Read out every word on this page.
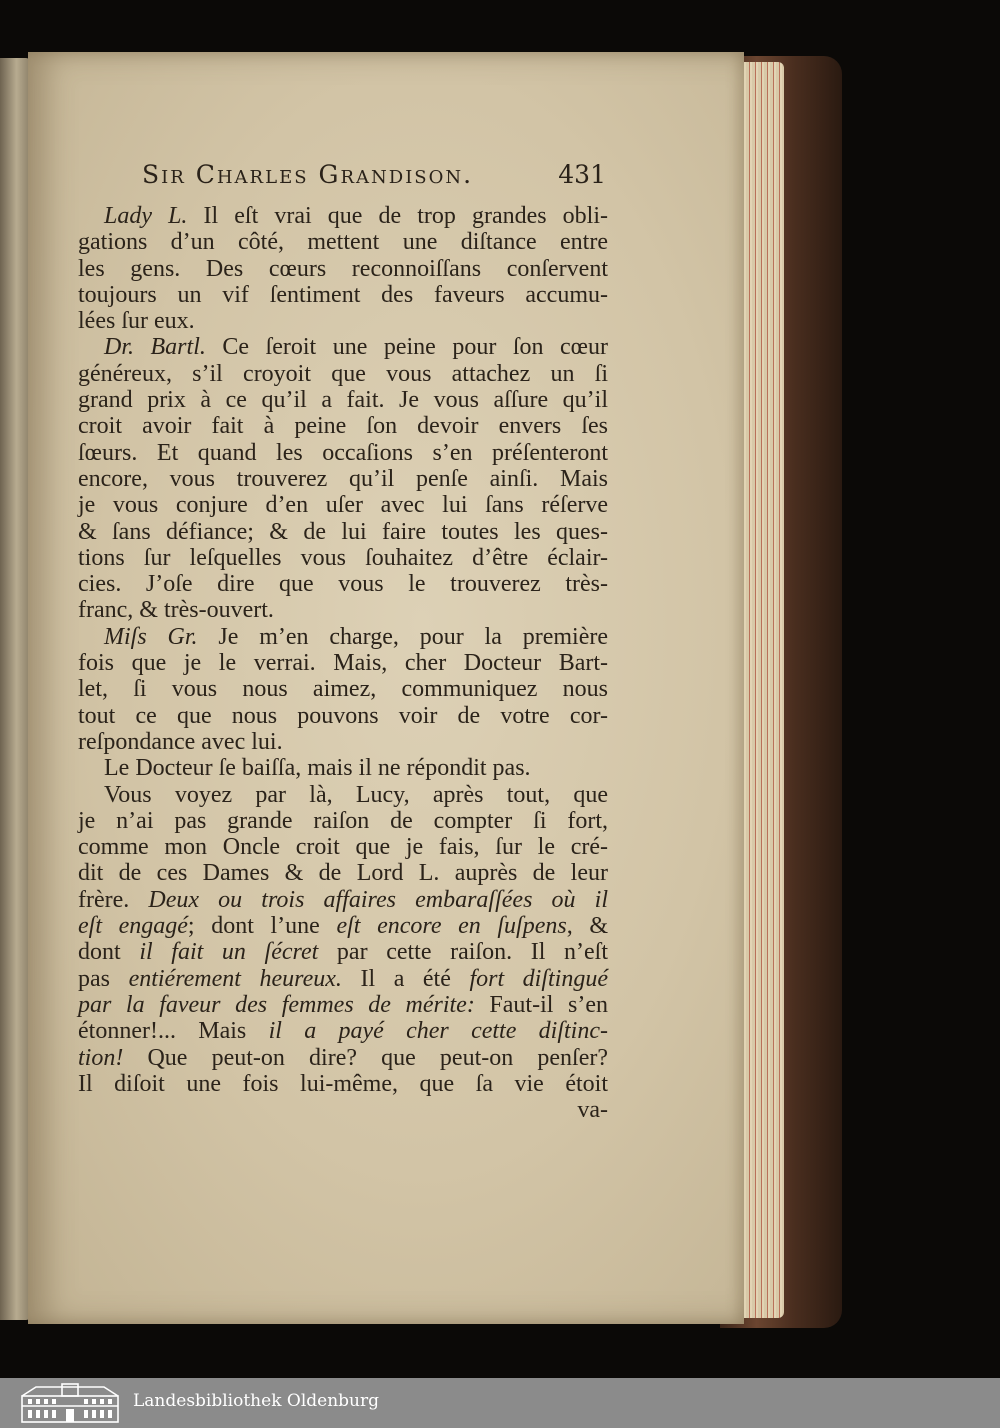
Sir Charles Grandison.	431
Lady L. Il eſt vrai que de trop grandes obli-
gations d’un côté, mettent une diſtance entre
les gens. Des cœurs reconnoiſſans conſervent
toujours un vif ſentiment des faveurs accumu-
lées ſur eux.
Dr. Bartl. Ce ſeroit une peine pour ſon cœur
généreux, s’il croyoit que vous attachez un ſi
grand prix à ce qu’il a fait. Je vous aſſure qu’il
croit avoir fait à peine ſon devoir envers ſes
ſœurs. Et quand les occaſions s’en préſenteront
encore, vous trouverez qu’il penſe ainſi. Mais
je vous conjure d’en uſer avec lui ſans réſerve
& ſans défiance; & de lui faire toutes les ques-
tions ſur leſquelles vous ſouhaitez d’être éclair-
cies. J’oſe dire que vous le trouverez très-
franc, & très-ouvert.
Miſs Gr. Je m’en charge, pour la première
fois que je le verrai. Mais, cher Docteur Bart-
let, ſi vous nous aimez, communiquez nous
tout ce que nous pouvons voir de votre cor-
reſpondance avec lui.
Le Docteur ſe baiſſa, mais il ne répondit pas.
Vous voyez par là, Lucy, après tout, que
je n’ai pas grande raiſon de compter ſi fort,
comme mon Oncle croit que je fais, ſur le cré-
dit de ces Dames & de Lord L. auprès de leur
frère. Deux ou trois affaires embaraſſées où il
eſt engagé; dont l’une eſt encore en ſuſpens, &
dont il fait un ſécret par cette raiſon. Il n’eſt
pas entiérement heureux. Il a été fort diſtingué
par la faveur des femmes de mérite: Faut-il s’en
étonner!... Mais il a payé cher cette diſtinc-
tion! Que peut-on dire? que peut-on penſer?
Il diſoit une fois lui-même, que ſa vie étoit
va-
Landesbibliothek Oldenburg
